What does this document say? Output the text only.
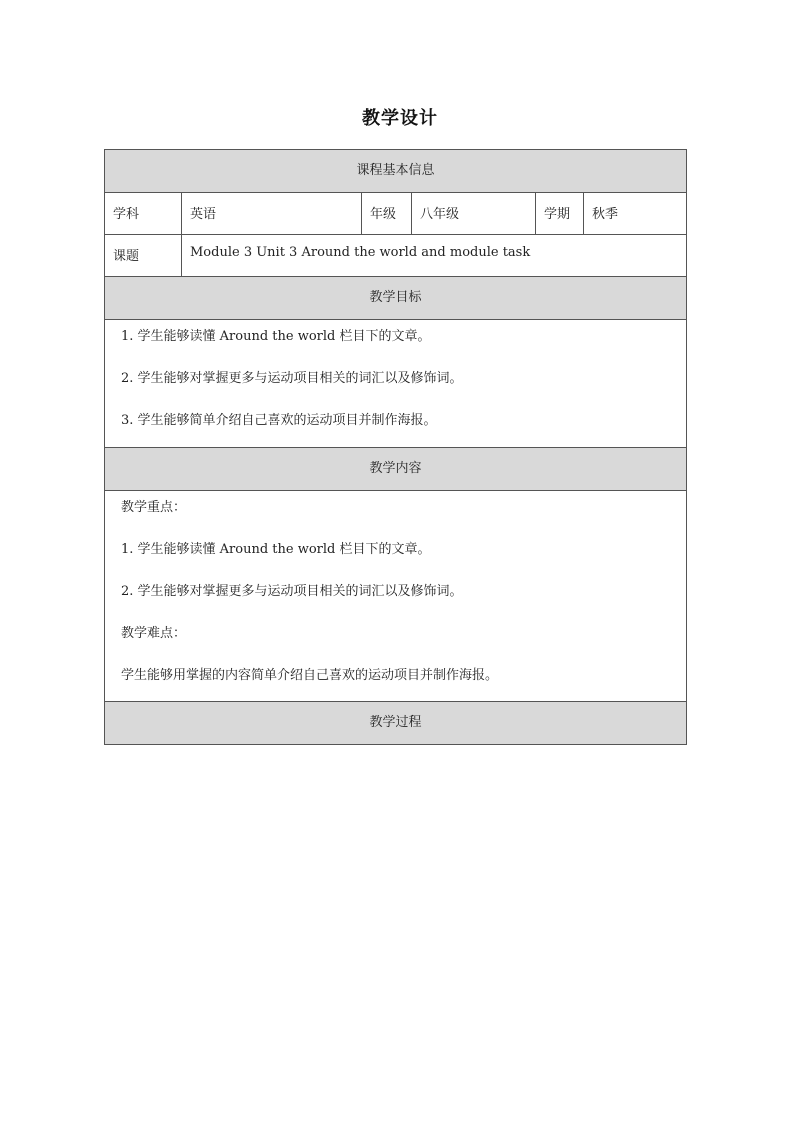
教学设计
课程基本信息					
学科	英语	年级	八年级	学期	秋季
课题	Module 3 Unit 3 Around the world and module task				
教学目标					

1. 学生能够读懂 Around the world 栏目下的文章。
2. 学生能够对掌握更多与运动项目相关的词汇以及修饰词。
3. 学生能够简单介绍自己喜欢的运动项目并制作海报。					

教学内容					

教学重点：
1. 学生能够读懂 Around the world 栏目下的文章。
2. 学生能够对掌握更多与运动项目相关的词汇以及修饰词。
教学难点：
学生能够用掌握的内容简单介绍自己喜欢的运动项目并制作海报。					

教学过程					
